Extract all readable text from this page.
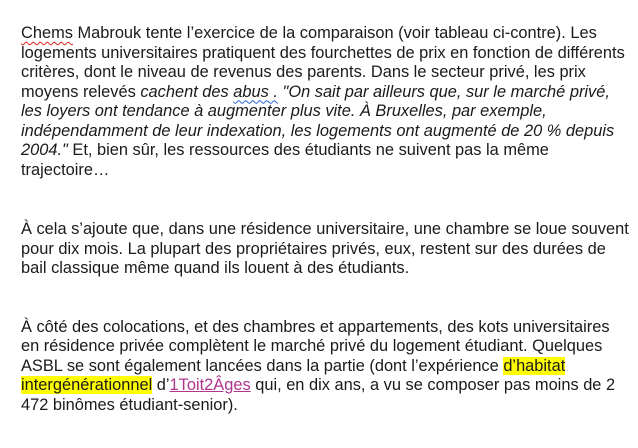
Chems Mabrouk tente l’exercice de la comparaison (voir tableau ci-contre). Les logements universitaires pratiquent des fourchettes de prix en fonction de différents critères, dont le niveau de revenus des parents. Dans le secteur privé, les prix moyens relevés cachent des abus . "On sait par ailleurs que, sur le marché privé, les loyers ont tendance à augmenter plus vite. À Bruxelles, par exemple, indépendamment de leur indexation, les logements ont augmenté de 20 % depuis 2004." Et, bien sûr, les ressources des étudiants ne suivent pas la même trajectoire…

À cela s’ajoute que, dans une résidence universitaire, une chambre se loue souvent pour dix mois. La plupart des propriétaires privés, eux, restent sur des durées de bail classique même quand ils louent à des étudiants.

À côté des colocations, et des chambres et appartements, des kots universitaires en résidence privée complètent le marché privé du logement étudiant. Quelques ASBL se sont également lancées dans la partie (dont l’expérience d’habitat intergénérationnel d’1Toit2Âges qui, en dix ans, a vu se composer pas moins de 2 472 binômes étudiant-senior).
